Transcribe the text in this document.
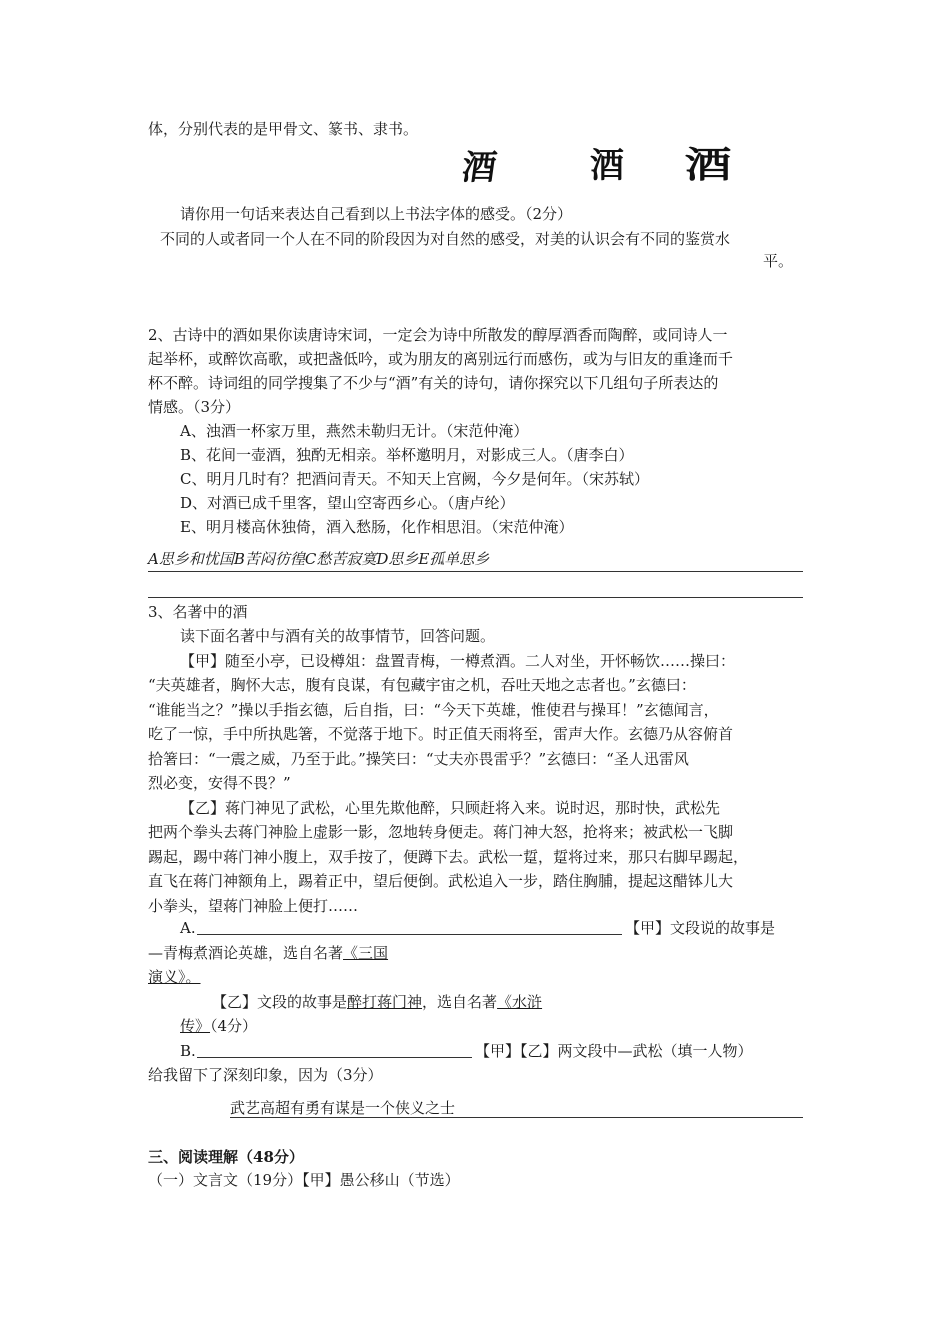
体，分别代表的是甲骨文、篆书、隶书。
酒	酒 酒
请你用一句话来表达自己看到以上书法字体的感受。（2分）
不同的人或者同一个人在不同的阶段因为对自然的感受，对美的认识会有不同的鉴赏水
平。
2、古诗中的酒如果你读唐诗宋词，一定会为诗中所散发的醇厚酒香而陶醉，或同诗人一
起举杯，或醉饮高歌，或把盏低吟，或为朋友的离别远行而感伤，或为与旧友的重逢而千
杯不醉。诗词组的同学搜集了不少与“酒”有关的诗句，请你探究以下几组句子所表达的
情感。（3分）
A、浊酒一杯家万里，燕然未勒归无计。（宋范仲淹）
B、花间一壶酒，独酌无相亲。举杯邀明月，对影成三人。（唐李白）
C、明月几时有？把酒问青天。不知天上宫阙，今夕是何年。（宋苏轼）
D、对酒已成千里客，望山空寄西乡心。（唐卢纶）
E、明月楼高休独倚，酒入愁肠，化作相思泪。（宋范仲淹）
A思乡和忧国B苦闷彷徨C愁苦寂寞D思乡E孤单思乡
3、名著中的酒
读下面名著中与酒有关的故事情节，回答问题。
【甲】随至小亭，已设樽俎：盘置青梅，一樽煮酒。二人对坐，开怀畅饮……操曰：
“夫英雄者，胸怀大志，腹有良谋，有包藏宇宙之机，吞吐天地之志者也。”玄德曰：
“谁能当之？”操以手指玄德，后自指，曰：“今天下英雄，惟使君与操耳！”玄德闻言，
吃了一惊，手中所执匙箸，不觉落于地下。时正值天雨将至，雷声大作。玄德乃从容俯首
拾箸曰：“一震之威，乃至于此。”操笑曰：“丈夫亦畏雷乎？”玄德曰：“圣人迅雷风
烈必变，安得不畏？”
【乙】蒋门神见了武松，心里先欺他醉，只顾赶将入来。说时迟，那时快，武松先
把两个拳头去蒋门神脸上虚影一影，忽地转身便走。蒋门神大怒，抢将来；被武松一飞脚
踢起，踢中蒋门神小腹上，双手按了，便蹲下去。武松一踅，踅将过来，那只右脚早踢起，
直飞在蒋门神额角上，踢着正中，望后便倒。武松追入一步，踏住胸脯，提起这醋钵儿大
小拳头，望蒋门神脸上便打……
A.	【甲】文段说的故事是
—青梅煮酒论英雄，选自名著《三国
演义》。
【乙】文段的故事是醉打蒋门神，选自名著《水浒
传》（4分）
B.	【甲】【乙】两文段中—武松（填一人物）
给我留下了深刻印象，因为（3分）
武艺高超有勇有谋是一个侠义之士
三、阅读理解（48分）
（一）文言文（19分）【甲】愚公移山（节选）
